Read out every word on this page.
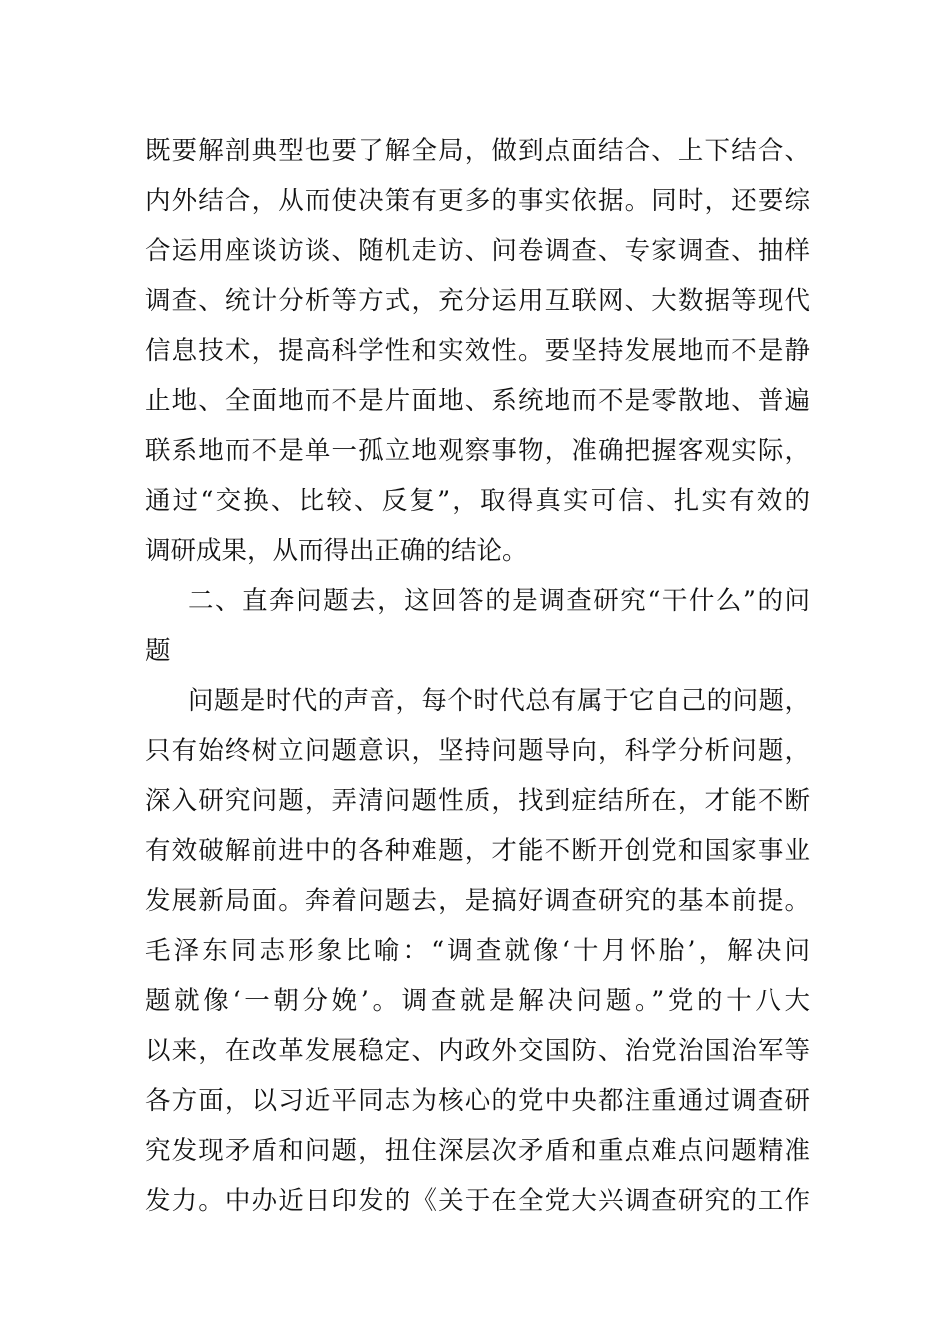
既要解剖典型也要了解全局，做到点面结合、上下结合、
内外结合，从而使决策有更多的事实依据。同时，还要综
合运用座谈访谈、随机走访、问卷调查、专家调查、抽样
调查、统计分析等方式，充分运用互联网、大数据等现代
信息技术，提高科学性和实效性。要坚持发展地而不是静
止地、全面地而不是片面地、系统地而不是零散地、普遍
联系地而不是单一孤立地观察事物，准确把握客观实际，
通过“交换、比较、反复”，取得真实可信、扎实有效的
调研成果，从而得出正确的结论。
二、直奔问题去，这回答的是调查研究“干什么”的问
题
问题是时代的声音，每个时代总有属于它自己的问题，
只有始终树立问题意识，坚持问题导向，科学分析问题，
深入研究问题，弄清问题性质，找到症结所在，才能不断
有效破解前进中的各种难题，才能不断开创党和国家事业
发展新局面。奔着问题去，是搞好调查研究的基本前提。
毛泽东同志形象比喻：“调查就像‘十月怀胎’，解决问
题就像‘一朝分娩’。调查就是解决问题。”党的十八大
以来，在改革发展稳定、内政外交国防、治党治国治军等
各方面，以习近平同志为核心的党中央都注重通过调查研
究发现矛盾和问题，扭住深层次矛盾和重点难点问题精准
发力。中办近日印发的《关于在全党大兴调查研究的工作
